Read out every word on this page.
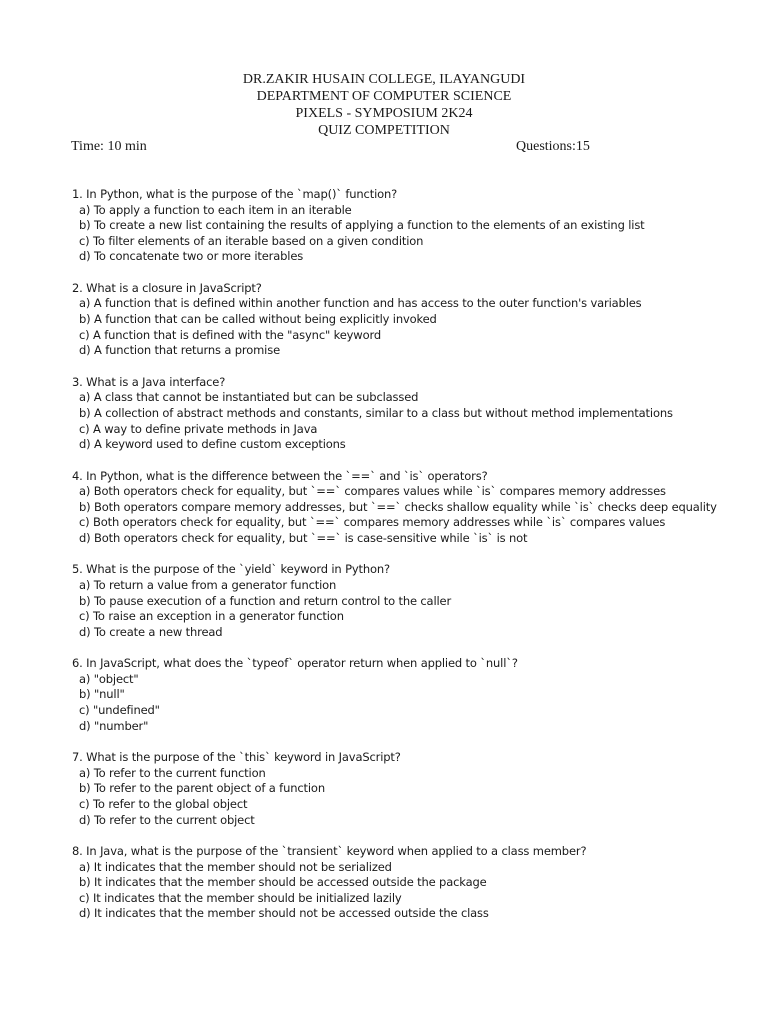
DR.ZAKIR HUSAIN COLLEGE, ILAYANGUDI
DEPARTMENT OF COMPUTER SCIENCE
PIXELS - SYMPOSIUM 2K24
QUIZ COMPETITION
Time: 10 min	Questions:15
1. In Python, what is the purpose of the `map()` function?
a) To apply a function to each item in an iterable
b) To create a new list containing the results of applying a function to the elements of an existing list
c) To filter elements of an iterable based on a given condition
d) To concatenate two or more iterables
2. What is a closure in JavaScript?
a) A function that is defined within another function and has access to the outer function's variables
b) A function that can be called without being explicitly invoked
c) A function that is defined with the "async" keyword
d) A function that returns a promise
3. What is a Java interface?
a) A class that cannot be instantiated but can be subclassed
b) A collection of abstract methods and constants, similar to a class but without method implementations
c) A way to define private methods in Java
d) A keyword used to define custom exceptions
4. In Python, what is the difference between the `==` and `is` operators?
a) Both operators check for equality, but `==` compares values while `is` compares memory addresses
b) Both operators compare memory addresses, but `==` checks shallow equality while `is` checks deep equality
c) Both operators check for equality, but `==` compares memory addresses while `is` compares values
d) Both operators check for equality, but `==` is case-sensitive while `is` is not
5. What is the purpose of the `yield` keyword in Python?
a) To return a value from a generator function
b) To pause execution of a function and return control to the caller
c) To raise an exception in a generator function
d) To create a new thread
6. In JavaScript, what does the `typeof` operator return when applied to `null`?
a) "object"
b) "null"
c) "undefined"
d) "number"
7. What is the purpose of the `this` keyword in JavaScript?
a) To refer to the current function
b) To refer to the parent object of a function
c) To refer to the global object
d) To refer to the current object
8. In Java, what is the purpose of the `transient` keyword when applied to a class member?
a) It indicates that the member should not be serialized
b) It indicates that the member should be accessed outside the package
c) It indicates that the member should be initialized lazily
d) It indicates that the member should not be accessed outside the class
